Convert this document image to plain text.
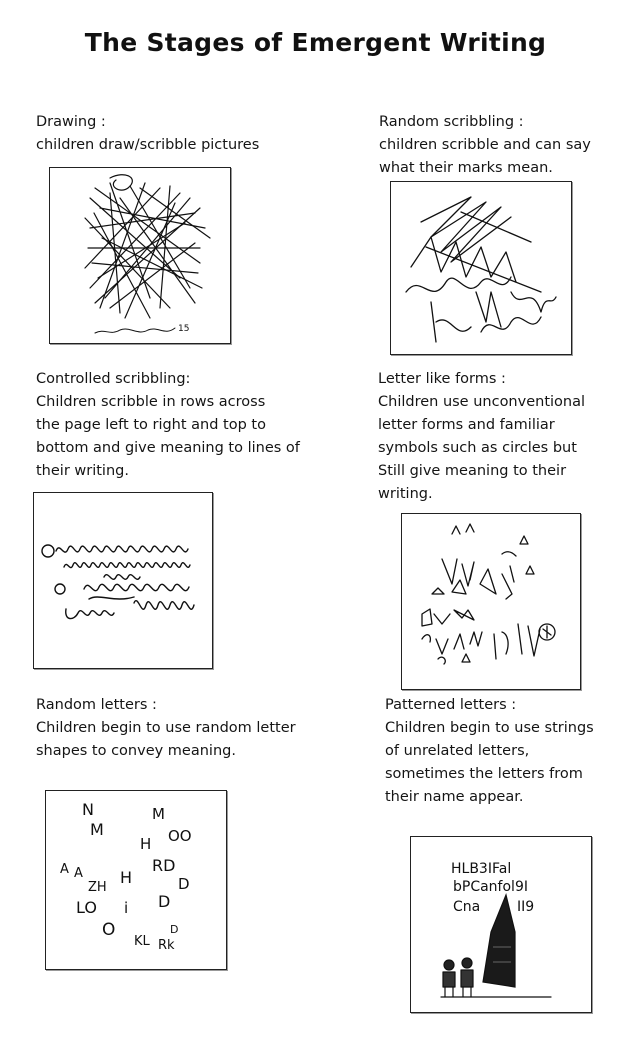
The Stages of Emergent Writing
Drawing :
children draw/scribble pictures
15
Random scribbling :
children scribble and can say
what their marks mean.
Controlled scribbling:
Children scribble in rows across
the page left to right and top to
bottom and give meaning to lines of
their writing.
Letter like forms :
Children use unconventional
letter forms and familiar
symbols such as circles but
Still give meaning to their
writing.
Random letters :
Children begin to use random letter
shapes to convey meaning.
N
M
M
H OO
A A	RD
ZH
H	D
LO i D
O	D
KL Rk
Patterned letters :
Children begin to use strings
of unrelated letters,
sometimes the letters from
their name appear.
HLB3IFal
bPCanfol9I
Cna	II9
